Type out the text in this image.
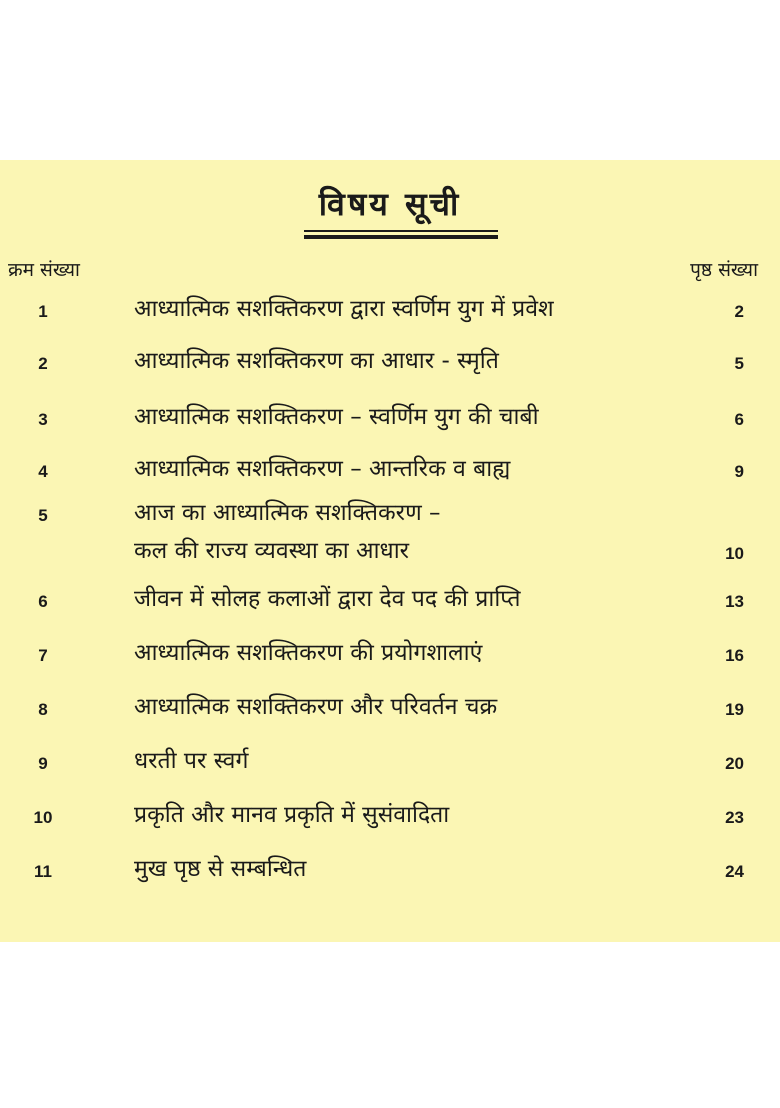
विषय सूची
क्रम संख्या	पृष्ठ संख्या
1	आध्यात्मिक सशक्तिकरण द्वारा स्वर्णिम युग में प्रवेश	2
2	आध्यात्मिक सशक्तिकरण का आधार - स्मृति	5
3	आध्यात्मिक सशक्तिकरण – स्वर्णिम युग की चाबी	6
4	आध्यात्मिक सशक्तिकरण – आन्तरिक व बाह्य	9
5	आज का आध्यात्मिक सशक्तिकरण –
कल की राज्य व्यवस्था का आधार	10
6	जीवन में सोलह कलाओं द्वारा देव पद की प्राप्ति	13
7	आध्यात्मिक सशक्तिकरण की प्रयोगशालाएं	16
8	आध्यात्मिक सशक्तिकरण और परिवर्तन चक्र	19
9	धरती पर स्वर्ग	20
10	प्रकृति और मानव प्रकृति में सुसंवादिता	23
11	मुख पृष्ठ से सम्बन्धित	24
